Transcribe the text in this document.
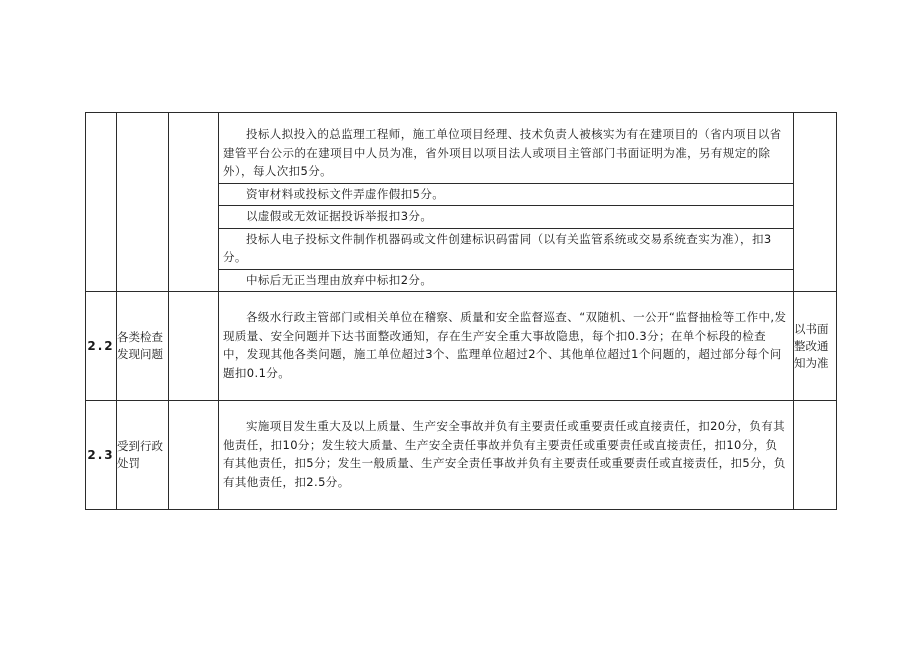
			投标人拟投入的总监理工程师，施工单位项目经理、技术负责人被核实为有在建项目的（省内项目以省建管平台公示的在建项目中人员为准，省外项目以项目法人或项目主管部门书面证明为准，另有规定的除外），每人次扣5分。
资审材料或投标文件弄虚作假扣5分。
以虚假或无效证据投诉举报扣3分。
投标人电子投标文件制作机器码或文件创建标识码雷同（以有关监管系统或交易系统查实为准），扣3分。
中标后无正当理由放弃中标扣2分。	

2.2	各类检查发现问题		各级水行政主管部门或相关单位在稽察、质量和安全监督巡查、“双随机、一公开“监督抽检等工作中,发现质量、安全问题并下达书面整改通知，存在生产安全重大事故隐患，每个扣0.3分；在单个标段的检查中，发现其他各类问题，施工单位超过3个、监理单位超过2个、其他单位超过1个问题的，超过部分每个问题扣0.1分。	以书面整改通知为准
2.3	受到行政处罚		实施项目发生重大及以上质量、生产安全事故并负有主要责任或重要责任或直接责任，扣20分，负有其他责任，扣10分；发生较大质量、生产安全责任事故并负有主要责任或重要责任或直接责任，扣10分，负有其他责任，扣5分；发生一般质量、生产安全责任事故并负有主要责任或重要责任或直接责任，扣5分，负有其他责任，扣2.5分。	
